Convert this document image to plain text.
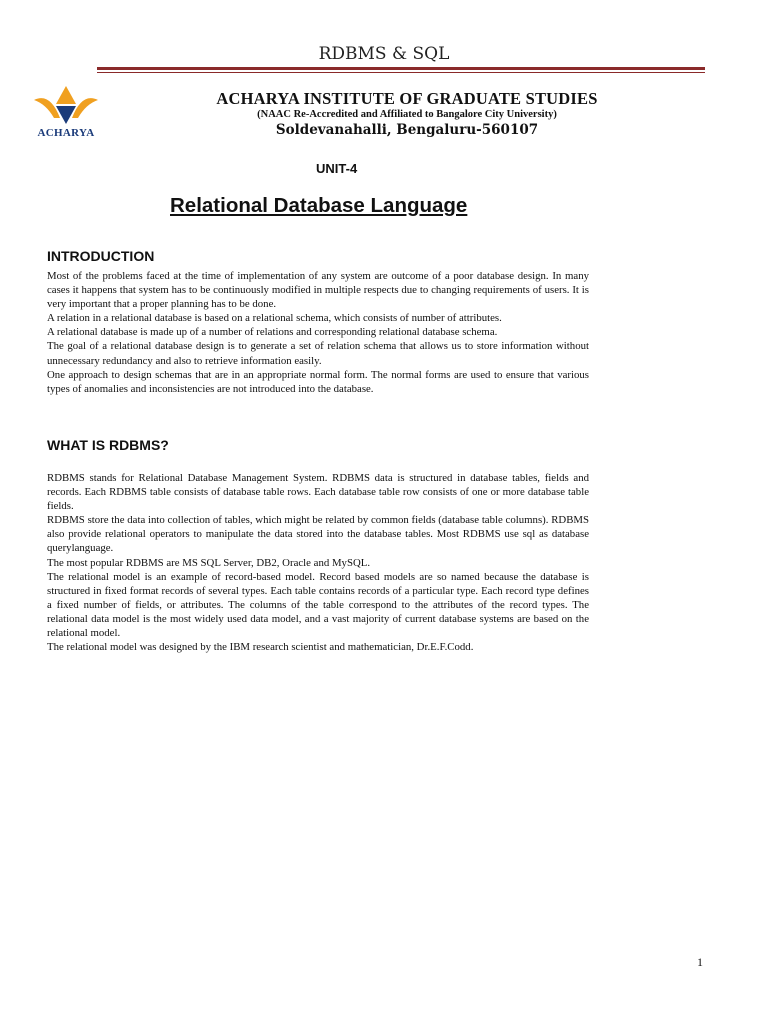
RDBMS & SQL
ACHARYA
ACHARYA INSTITUTE OF GRADUATE STUDIES
(NAAC Re-Accredited and Affiliated to Bangalore City University)
Soldevanahalli, Bengaluru-560107
UNIT-4
Relational Database Language
INTRODUCTION

Most of the problems faced at the time of implementation of any system are outcome of a poor database design. In many cases it happens that system has to be continuously modified in multiple respects due to changing requirements of users. It is very important that a proper planning has to be done.

A relation in a relational database is based on a relational schema, which consists of number of attributes.

A relational database is made up of a number of relations and corresponding relational database schema.

The goal of a relational database design is to generate a set of relation schema that allows us to store information without unnecessary redundancy and also to retrieve information easily.

One approach to design schemas that are in an appropriate normal form. The normal forms are used to ensure that various types of anomalies and inconsistencies are not introduced into the database.

WHAT IS RDBMS?

RDBMS stands for Relational Database Management System. RDBMS data is structured in database tables, fields and records. Each RDBMS table consists of database table rows. Each database table row consists of one or more database table fields.

RDBMS store the data into collection of tables, which might be related by common fields (database table columns). RDBMS also provide relational operators to manipulate the data stored into the database tables. Most RDBMS use sql as database querylanguage.

The most popular RDBMS are MS SQL Server, DB2, Oracle and MySQL.

The relational model is an example of record-based model. Record based models are so named because the database is structured in fixed format records of several types. Each table contains records of a particular type. Each record type defines a fixed number of fields, or attributes. The columns of the table correspond to the attributes of the record types. The relational data model is the most widely used data model, and a vast majority of current database systems are based on the relational model.

The relational model was designed by the IBM research scientist and mathematician, Dr.E.F.Codd.

1
